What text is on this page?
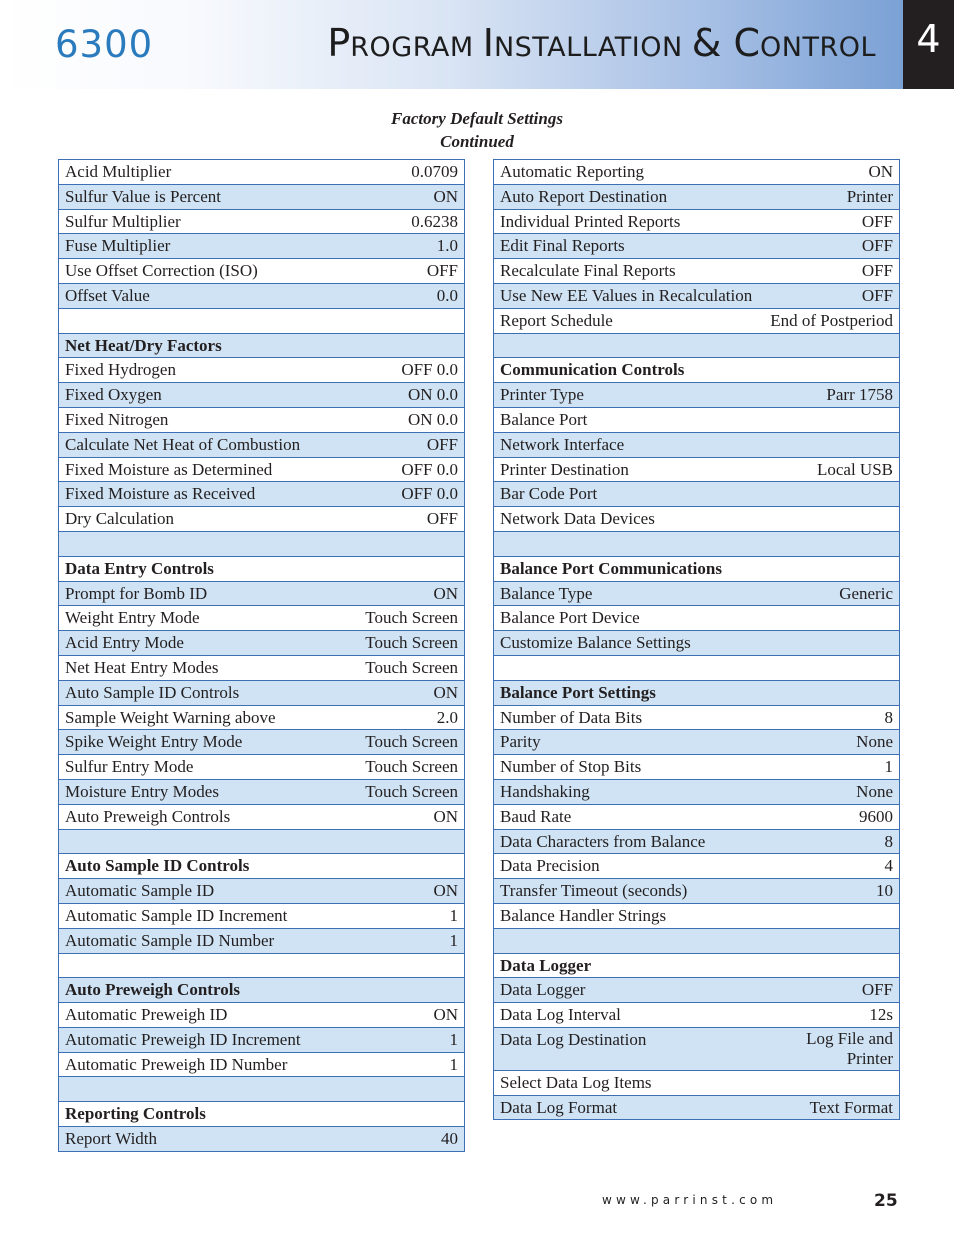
6300	PROGRAM INSTALLATION & CONTROL	4
Factory Default Settings
Continued
Acid Multiplier	0.0709
Sulfur Value is Percent	ON
Sulfur Multiplier	0.6238
Fuse Multiplier	1.0
Use Offset Correction (ISO)	OFF
Offset Value	0.0

Net Heat/Dry Factors	
Fixed Hydrogen	OFF 0.0
Fixed Oxygen	ON 0.0
Fixed Nitrogen	ON 0.0
Calculate Net Heat of Combustion	OFF
Fixed Moisture as Determined	OFF 0.0
Fixed Moisture as Received	OFF 0.0
Dry Calculation	OFF

Data Entry Controls	
Prompt for Bomb ID	ON
Weight Entry Mode	Touch Screen
Acid Entry Mode	Touch Screen
Net Heat Entry Modes	Touch Screen
Auto Sample ID Controls	ON
Sample Weight Warning above	2.0
Spike Weight Entry Mode	Touch Screen
Sulfur Entry Mode	Touch Screen
Moisture Entry Modes	Touch Screen
Auto Preweigh Controls	ON

Auto Sample ID Controls	
Automatic Sample ID	ON
Automatic Sample ID Increment	1
Automatic Sample ID Number	1

Auto Preweigh Controls	
Automatic Preweigh ID	ON
Automatic Preweigh ID Increment	1
Automatic Preweigh ID Number	1

Reporting Controls	
Report Width	40
Automatic Reporting	ON
Auto Report Destination	Printer
Individual Printed Reports	OFF
Edit Final Reports	OFF
Recalculate Final Reports	OFF
Use New EE Values in Recalculation	OFF
Report Schedule	End of Postperiod

Communication Controls	
Printer Type	Parr 1758
Balance Port	
Network Interface	
Printer Destination	Local USB
Bar Code Port	
Network Data Devices	

Balance Port Communications	
Balance Type	Generic
Balance Port Device	
Customize Balance Settings	

Balance Port Settings	
Number of Data Bits	8
Parity	None
Number of Stop Bits	1
Handshaking	None
Baud Rate	9600
Data Characters from Balance	8
Data Precision	4
Transfer Timeout (seconds)	10
Balance Handler Strings	

Data Logger	
Data Logger	OFF
Data Log Interval	12s
Data Log Destination	Log File and Printer
Select Data Log Items	
Data Log Format	Text Format
www.parrinst.com	25
